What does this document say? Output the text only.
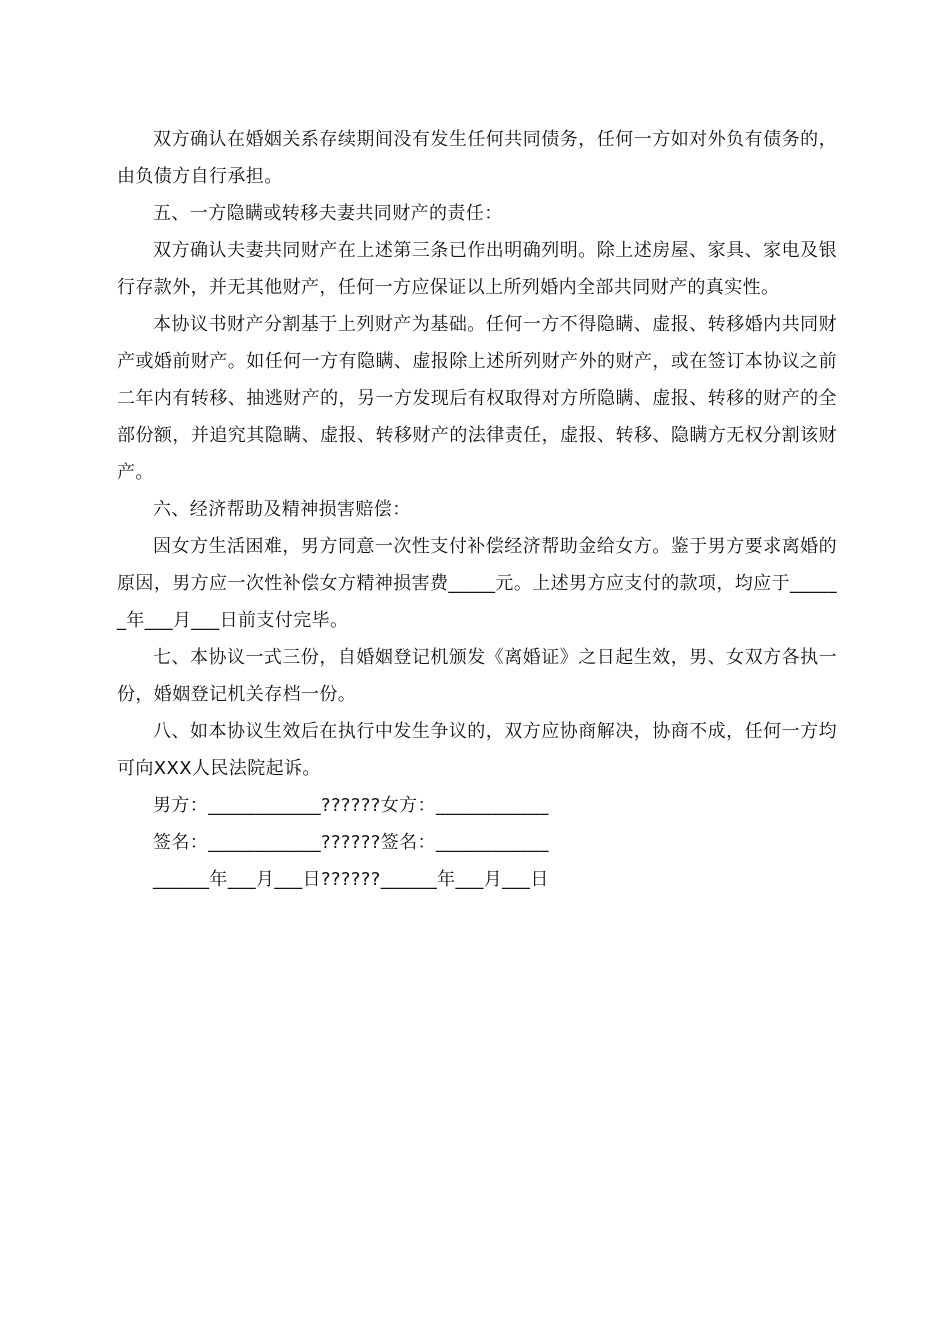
双方确认在婚姻关系存续期间没有发生任何共同债务，任何一方如对外负有债务的，由负债方自行承担。

五、一方隐瞒或转移夫妻共同财产的责任：

双方确认夫妻共同财产在上述第三条已作出明确列明。除上述房屋、家具、家电及银行存款外，并无其他财产，任何一方应保证以上所列婚内全部共同财产的真实性。

本协议书财产分割基于上列财产为基础。任何一方不得隐瞒、虚报、转移婚内共同财产或婚前财产。如任何一方有隐瞒、虚报除上述所列财产外的财产，或在签订本协议之前二年内有转移、抽逃财产的，另一方发现后有权取得对方所隐瞒、虚报、转移的财产的全部份额，并追究其隐瞒、虚报、转移财产的法律责任，虚报、转移、隐瞒方无权分割该财产。

六、经济帮助及精神损害赔偿：

因女方生活困难，男方同意一次性支付补偿经济帮助金给女方。鉴于男方要求离婚的原因，男方应一次性补偿女方精神损害费_____元。上述男方应支付的款项，均应于______年___月___日前支付完毕。

七、本协议一式三份，自婚姻登记机颁发《离婚证》之日起生效，男、女双方各执一份，婚姻登记机关存档一份。

八、如本协议生效后在执行中发生争议的，双方应协商解决，协商不成，任何一方均可向XXX人民法院起诉。

男方：____________??????女方：____________

签名：____________??????签名：____________

______年___月___日??????______年___月___日
